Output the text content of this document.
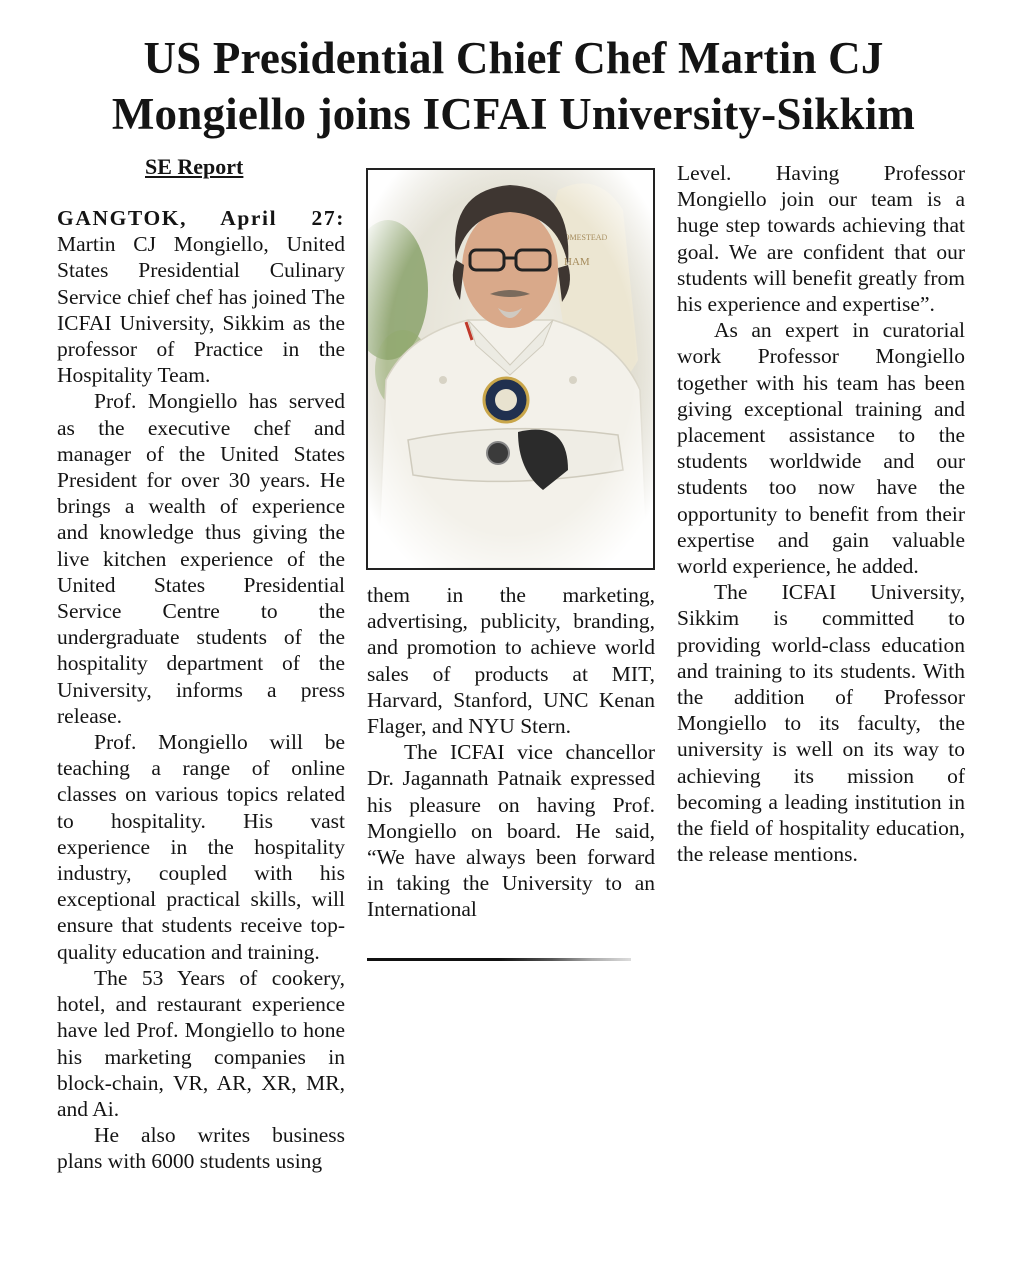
US Presidential Chief Chef Martin CJ
Mongiello joins ICFAI University-Sikkim
SE Report

GANGTOK, April 27: Martin CJ Mongiello, United States Presidential Culinary Service chief chef has joined The ICFAI University, Sikkim as the professor of Practice in the Hospitality Team.

Prof. Mongiello has served as the executive chef and manager of the United States President for over 30 years. He brings a wealth of experience and knowledge thus giving the live kitchen experience of the United States Presidential Service Centre to the undergraduate students of the hospitality department of the University, informs a press release.

Prof. Mongiello will be teaching a range of online classes on various topics related to hospitality. His vast experience in the hospitality industry, coupled with his exceptional practical skills, will ensure that students receive top-quality education and training.

The 53 Years of cookery, hotel, and restaurant experience have led Prof. Mongiello to hone his marketing companies in block-chain, VR, AR, XR, MR, and Ai.

He also writes business plans with 6000 students using

them in the marketing, advertising, publicity, branding, and promotion to achieve world sales of products at MIT, Harvard, Stanford, UNC Kenan Flager, and NYU Stern.

The ICFAI vice chancellor Dr. Jagannath Patnaik expressed his pleasure on having Prof. Mongiello on board. He said, “We have always been forward in taking the University to an International

Level. Having Professor Mongiello join our team is a huge step towards achieving that goal. We are confident that our students will benefit greatly from his experience and expertise”.

As an expert in curatorial work Professor Mongiello together with his team has been giving exceptional training and placement assistance to the students worldwide and our students too now have the opportunity to benefit from their expertise and gain valuable world experience, he added.

The ICFAI University, Sikkim is committed to providing world-class education and training to its students. With the addition of Professor Mongiello to its faculty, the university is well on its way to achieving its mission of becoming a leading institution in the field of hospitality education, the release mentions.
